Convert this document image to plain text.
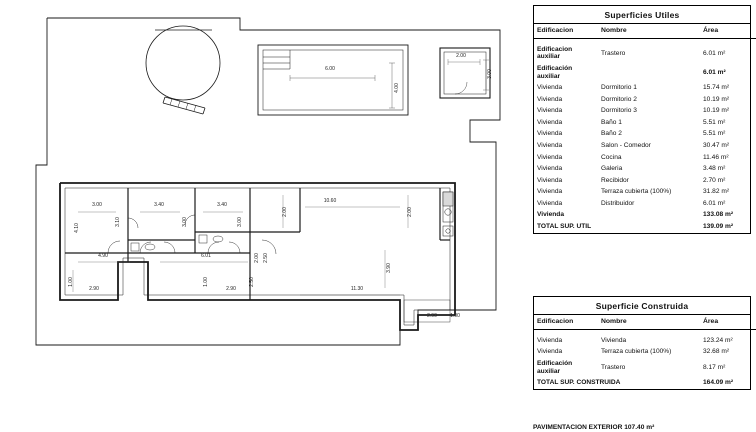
6.00
4.00
2.00
3.00
3.00
4.10
3.10
3.40
3.00
3.40
3.00
10.60
2.00	2.00
4.90	6.01	2.00 2.50
3.90
1.00
2.90
1.00
2.90
2.50
11.30
2.90	1.00
Superficies Utiles
Edificacion	Nombre	Área

Edificacion
auxiliar	Trastero	6.01 m²
Edificación auxiliar		6.01 m²
Vivienda	Dormitorio 1	15.74 m²
Vivienda	Dormitorio 2	10.19 m²
Vivienda	Dormitorio 3	10.19 m²
Vivienda	Baño 1	5.51 m²
Vivienda	Baño 2	5.51 m²
Vivienda	Salon - Comedor	30.47 m²
Vivienda	Cocina	11.46 m²
Vivienda	Galeria	3.48 m²
Vivienda	Recibidor	2.70 m²
Vivienda	Terraza cubierta (100%)	31.82 m²
Vivienda	Distribuidor	6.01 m²
Vivienda		133.08 m²
TOTAL SUP. UTIL		139.09 m²
Superficie Construida
Edificacion	Nombre	Área

Vivienda	Vivienda	123.24 m²
Vivienda	Terraza cubierta (100%)	32.68 m²
Edificación
auxiliar	Trastero	8.17 m²
TOTAL SUP. CONSTRUIDA		164.09 m²
PAVIMENTACION EXTERIOR 107.40 m²
